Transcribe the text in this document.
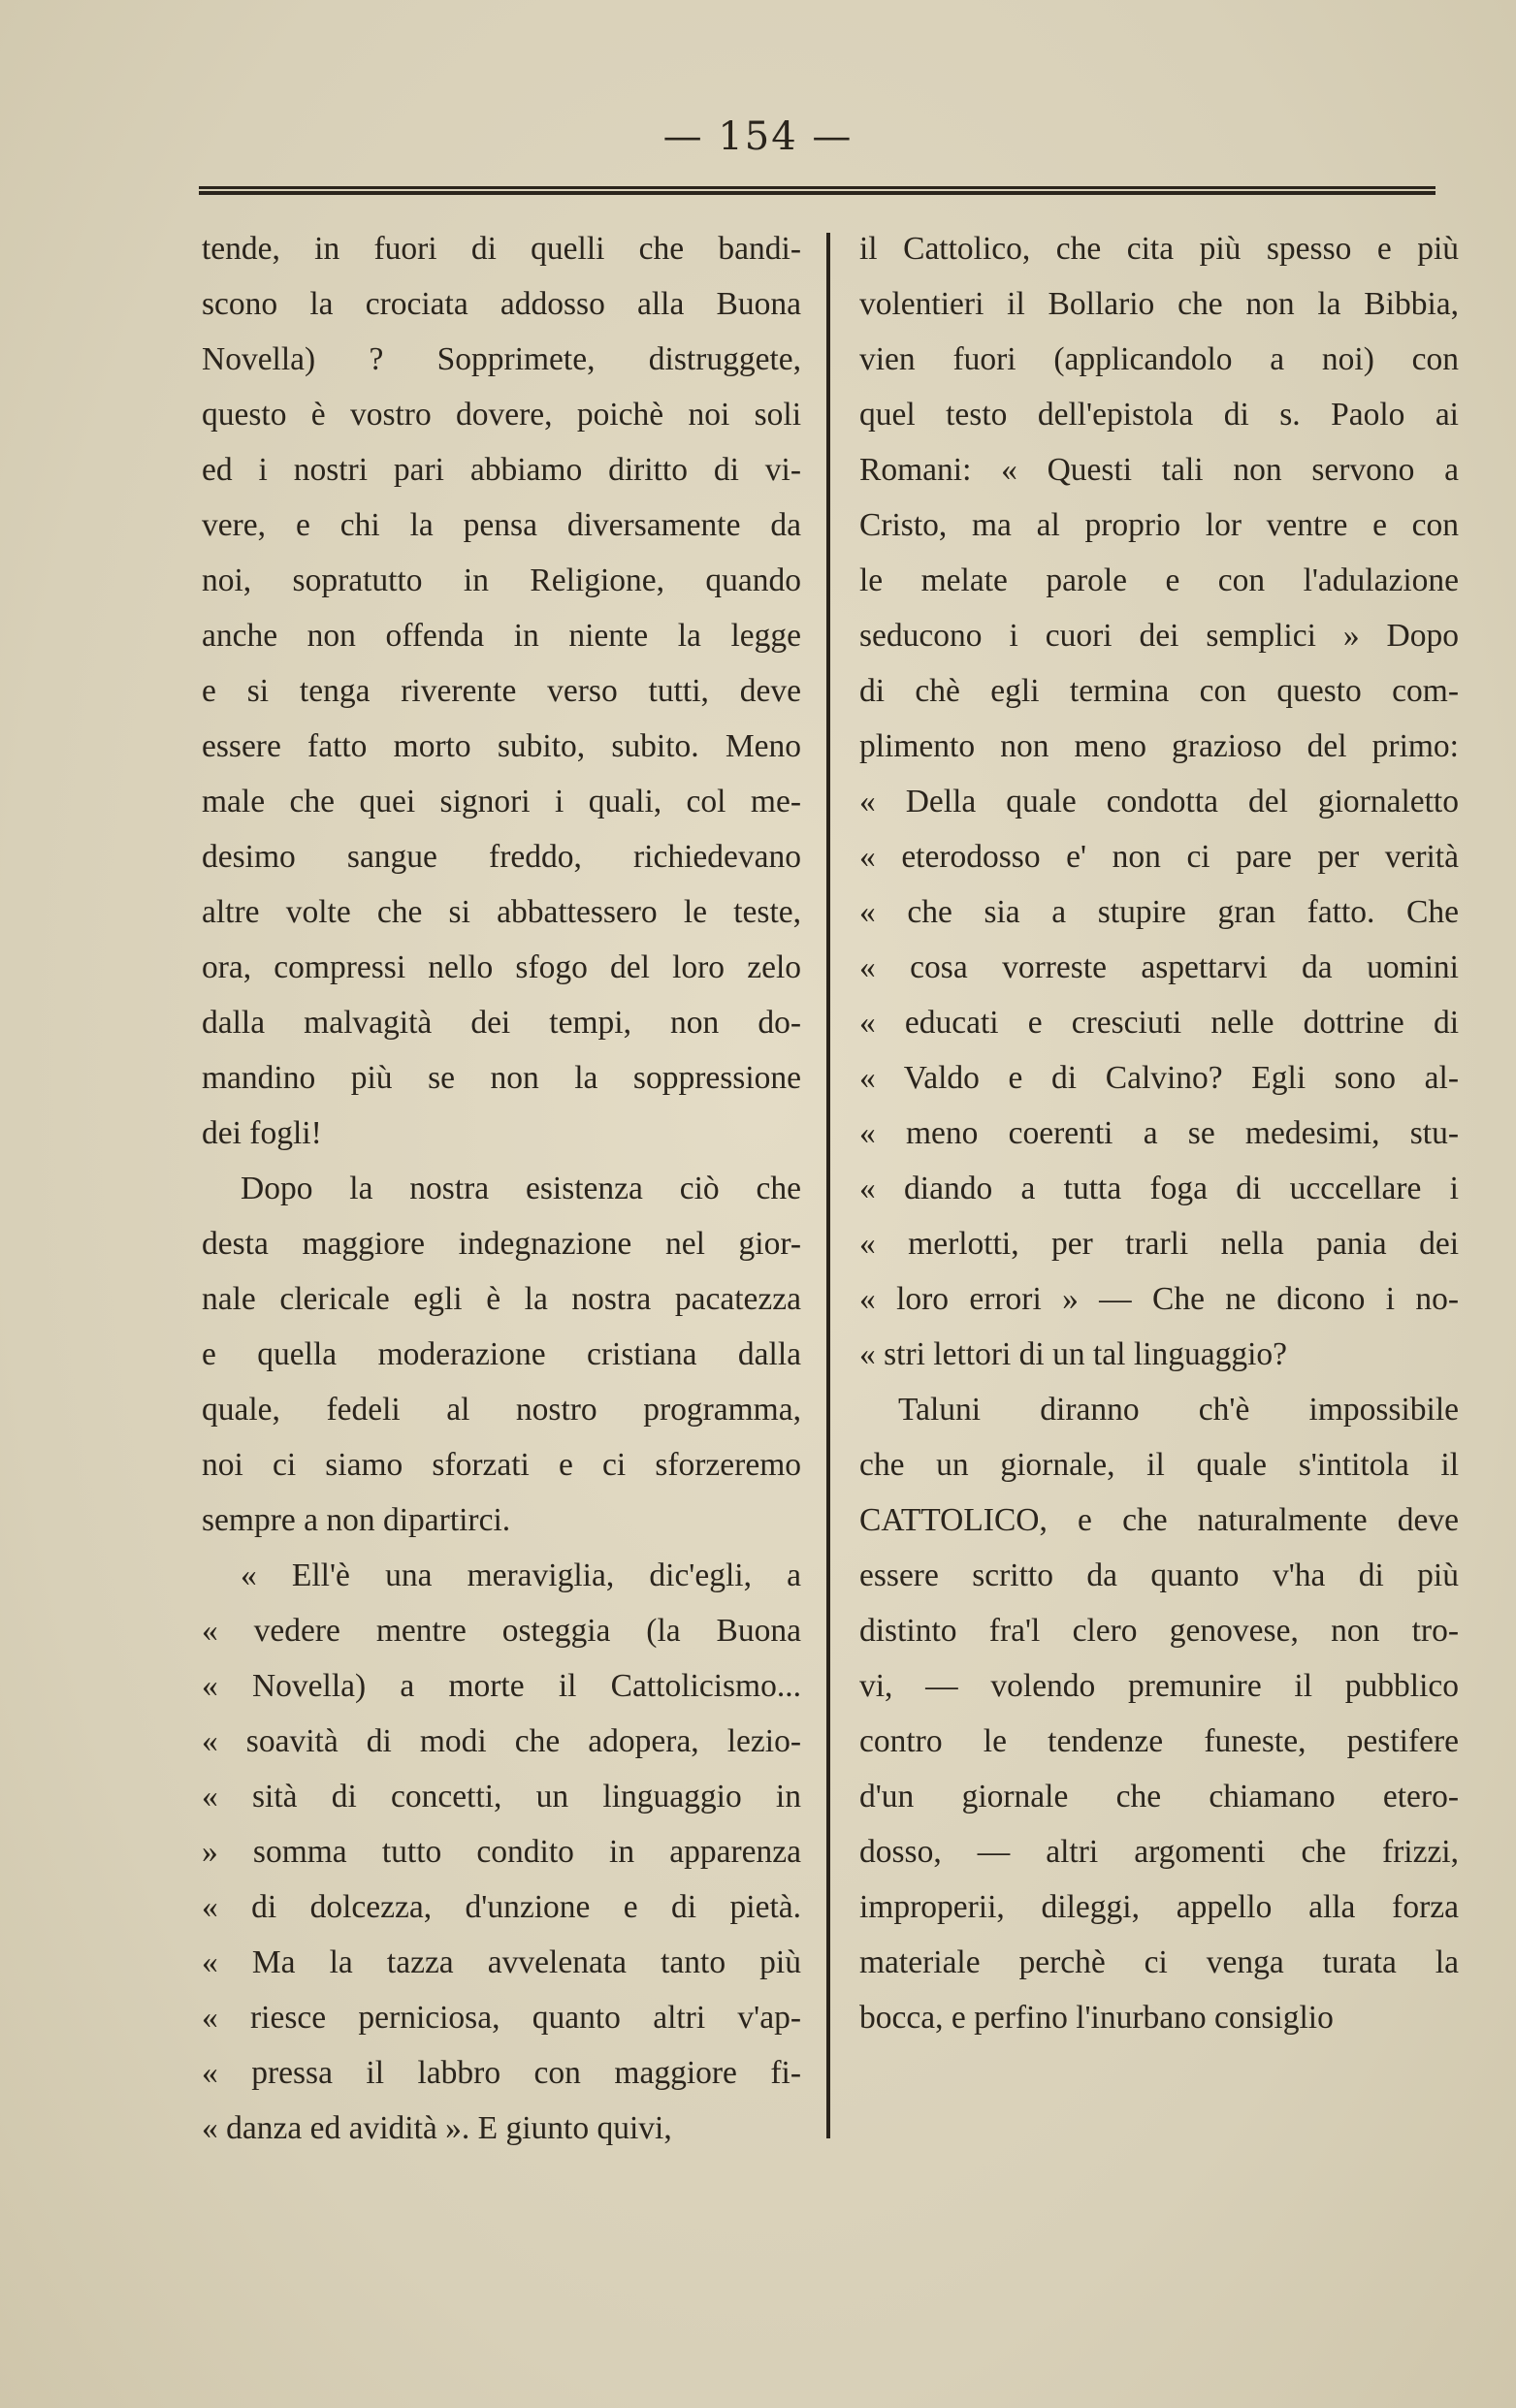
— 154 —
tende, in fuori di quelli che bandi-
scono la crociata addosso alla Buona
Novella) ? Sopprimete, distruggete,
questo è vostro dovere, poichè noi soli
ed i nostri pari abbiamo diritto di vi-
vere, e chi la pensa diversamente da
noi, sopratutto in Religione, quando
anche non offenda in niente la legge
e si tenga riverente verso tutti, deve
essere fatto morto subito, subito. Meno
male che quei signori i quali, col me-
desimo sangue freddo, richiedevano
altre volte che si abbattessero le teste,
ora, compressi nello sfogo del loro zelo
dalla malvagità dei tempi, non do-
mandino più se non la soppressione
dei fogli!
Dopo la nostra esistenza ciò che
desta maggiore indegnazione nel gior-
nale clericale egli è la nostra pacatezza
e quella moderazione cristiana dalla
quale, fedeli al nostro programma,
noi ci siamo sforzati e ci sforzeremo
sempre a non dipartirci.
« Ell'è una meraviglia, dic'egli, a
« vedere mentre osteggia (la Buona
« Novella) a morte il Cattolicismo...
« soavità di modi che adopera, lezio-
« sità di concetti, un linguaggio in
» somma tutto condito in apparenza
« di dolcezza, d'unzione e di pietà.
« Ma la tazza avvelenata tanto più
« riesce perniciosa, quanto altri v'ap-
« pressa il labbro con maggiore fi-
« danza ed avidità ». E giunto quivi,
il Cattolico, che cita più spesso e più
volentieri il Bollario che non la Bibbia,
vien fuori (applicandolo a noi) con
quel testo dell'epistola di s. Paolo ai
Romani: « Questi tali non servono a
Cristo, ma al proprio lor ventre e con
le melate parole e con l'adulazione
seducono i cuori dei semplici » Dopo
di chè egli termina con questo com-
plimento non meno grazioso del primo:
« Della quale condotta del giornaletto
« eterodosso e' non ci pare per verità
« che sia a stupire gran fatto. Che
« cosa vorreste aspettarvi da uomini
« educati e cresciuti nelle dottrine di
« Valdo e di Calvino? Egli sono al-
« meno coerenti a se medesimi, stu-
« diando a tutta foga di ucccellare i
« merlotti, per trarli nella pania dei
« loro errori » — Che ne dicono i no-
« stri lettori di un tal linguaggio?
Taluni diranno ch'è impossibile
che un giornale, il quale s'intitola il
CATTOLICO, e che naturalmente deve
essere scritto da quanto v'ha di più
distinto fra'l clero genovese, non tro-
vi, — volendo premunire il pubblico
contro le tendenze funeste, pestifere
d'un giornale che chiamano etero-
dosso, — altri argomenti che frizzi,
improperii, dileggi, appello alla forza
materiale perchè ci venga turata la
bocca, e perfino l'inurbano consiglio
